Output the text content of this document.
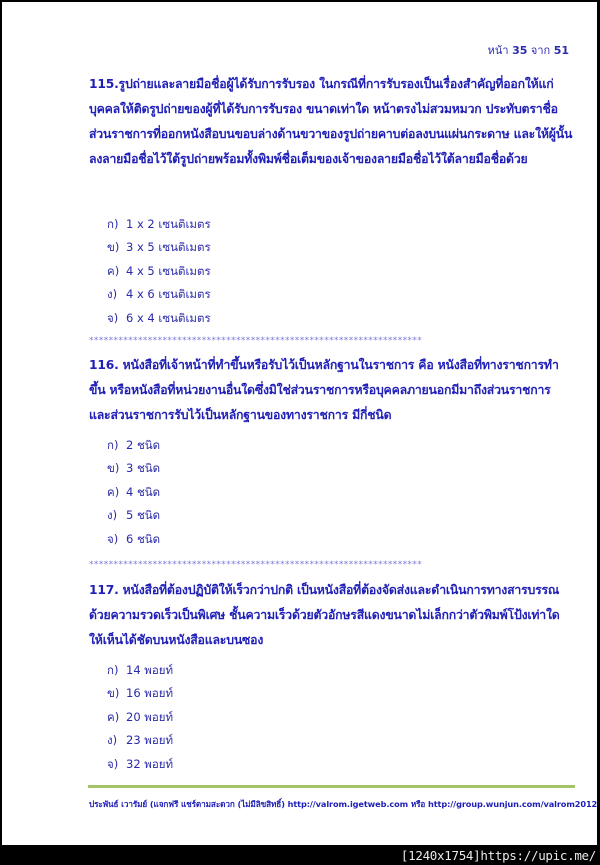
หน้า 35 จาก 51
115.รูปถ่ายและลายมือชื่อผู้ได้รับการรับรอง ในกรณีที่การรับรองเป็นเรื่องสำคัญที่ออกให้แก่บุคคลให้ติดรูปถ่ายของผู้ที่ได้รับการรับรอง ขนาดเท่าใด หน้าตรงไม่สวมหมวก ประทับตราชื่อส่วนราชการที่ออกหนังสือบนขอบล่างด้านขวาของรูปถ่ายคาบต่อลงบนแผ่นกระดาษ และให้ผู้นั้นลงลายมือชื่อไว้ใต้รูปถ่ายพร้อมทั้งพิมพ์ชื่อเต็มของเจ้าของลายมือชื่อไว้ใต้ลายมือชื่อด้วย
ก) 1 x 2 เซนติเมตร
ข) 3 x 5 เซนติเมตร
ค) 4 x 5 เซนติเมตร
ง) 4 x 6 เซนติเมตร
จ) 6 x 4 เซนติเมตร
********************************************************************
116. หนังสือที่เจ้าหน้าที่ทำขึ้นหรือรับไว้เป็นหลักฐานในราชการ คือ หนังสือที่ทางราชการทำขึ้น หรือหนังสือที่หน่วยงานอื่นใดซึ่งมิใช่ส่วนราชการหรือบุคคลภายนอกมีมาถึงส่วนราชการ และส่วนราชการรับไว้เป็นหลักฐานของทางราชการ มีกี่ชนิด
ก) 2 ชนิด
ข) 3 ชนิด
ค) 4 ชนิด
ง) 5 ชนิด
จ) 6 ชนิด
********************************************************************
117. หนังสือที่ต้องปฏิบัติให้เร็วกว่าปกติ เป็นหนังสือที่ต้องจัดส่งและดำเนินการทางสารบรรณด้วยความรวดเร็วเป็นพิเศษ ชั้นความเร็วด้วยตัวอักษรสีแดงขนาดไม่เล็กกว่าตัวพิมพ์โป้งเท่าใด ให้เห็นได้ชัดบนหนังสือและบนซอง
ก) 14 พอยท์
ข) 16 พอยท์
ค) 20 พอยท์
ง) 23 พอยท์
จ) 32 พอยท์
ประพันธ์ เวารัมย์ (แจกฟรี แชร์ตามสะดวก (ไม่มีลิขสิทธิ์) http://valrom.igetweb.com หรือ http://group.wunjun.com/valrom2012
[1240x1754]https://upic.me/
